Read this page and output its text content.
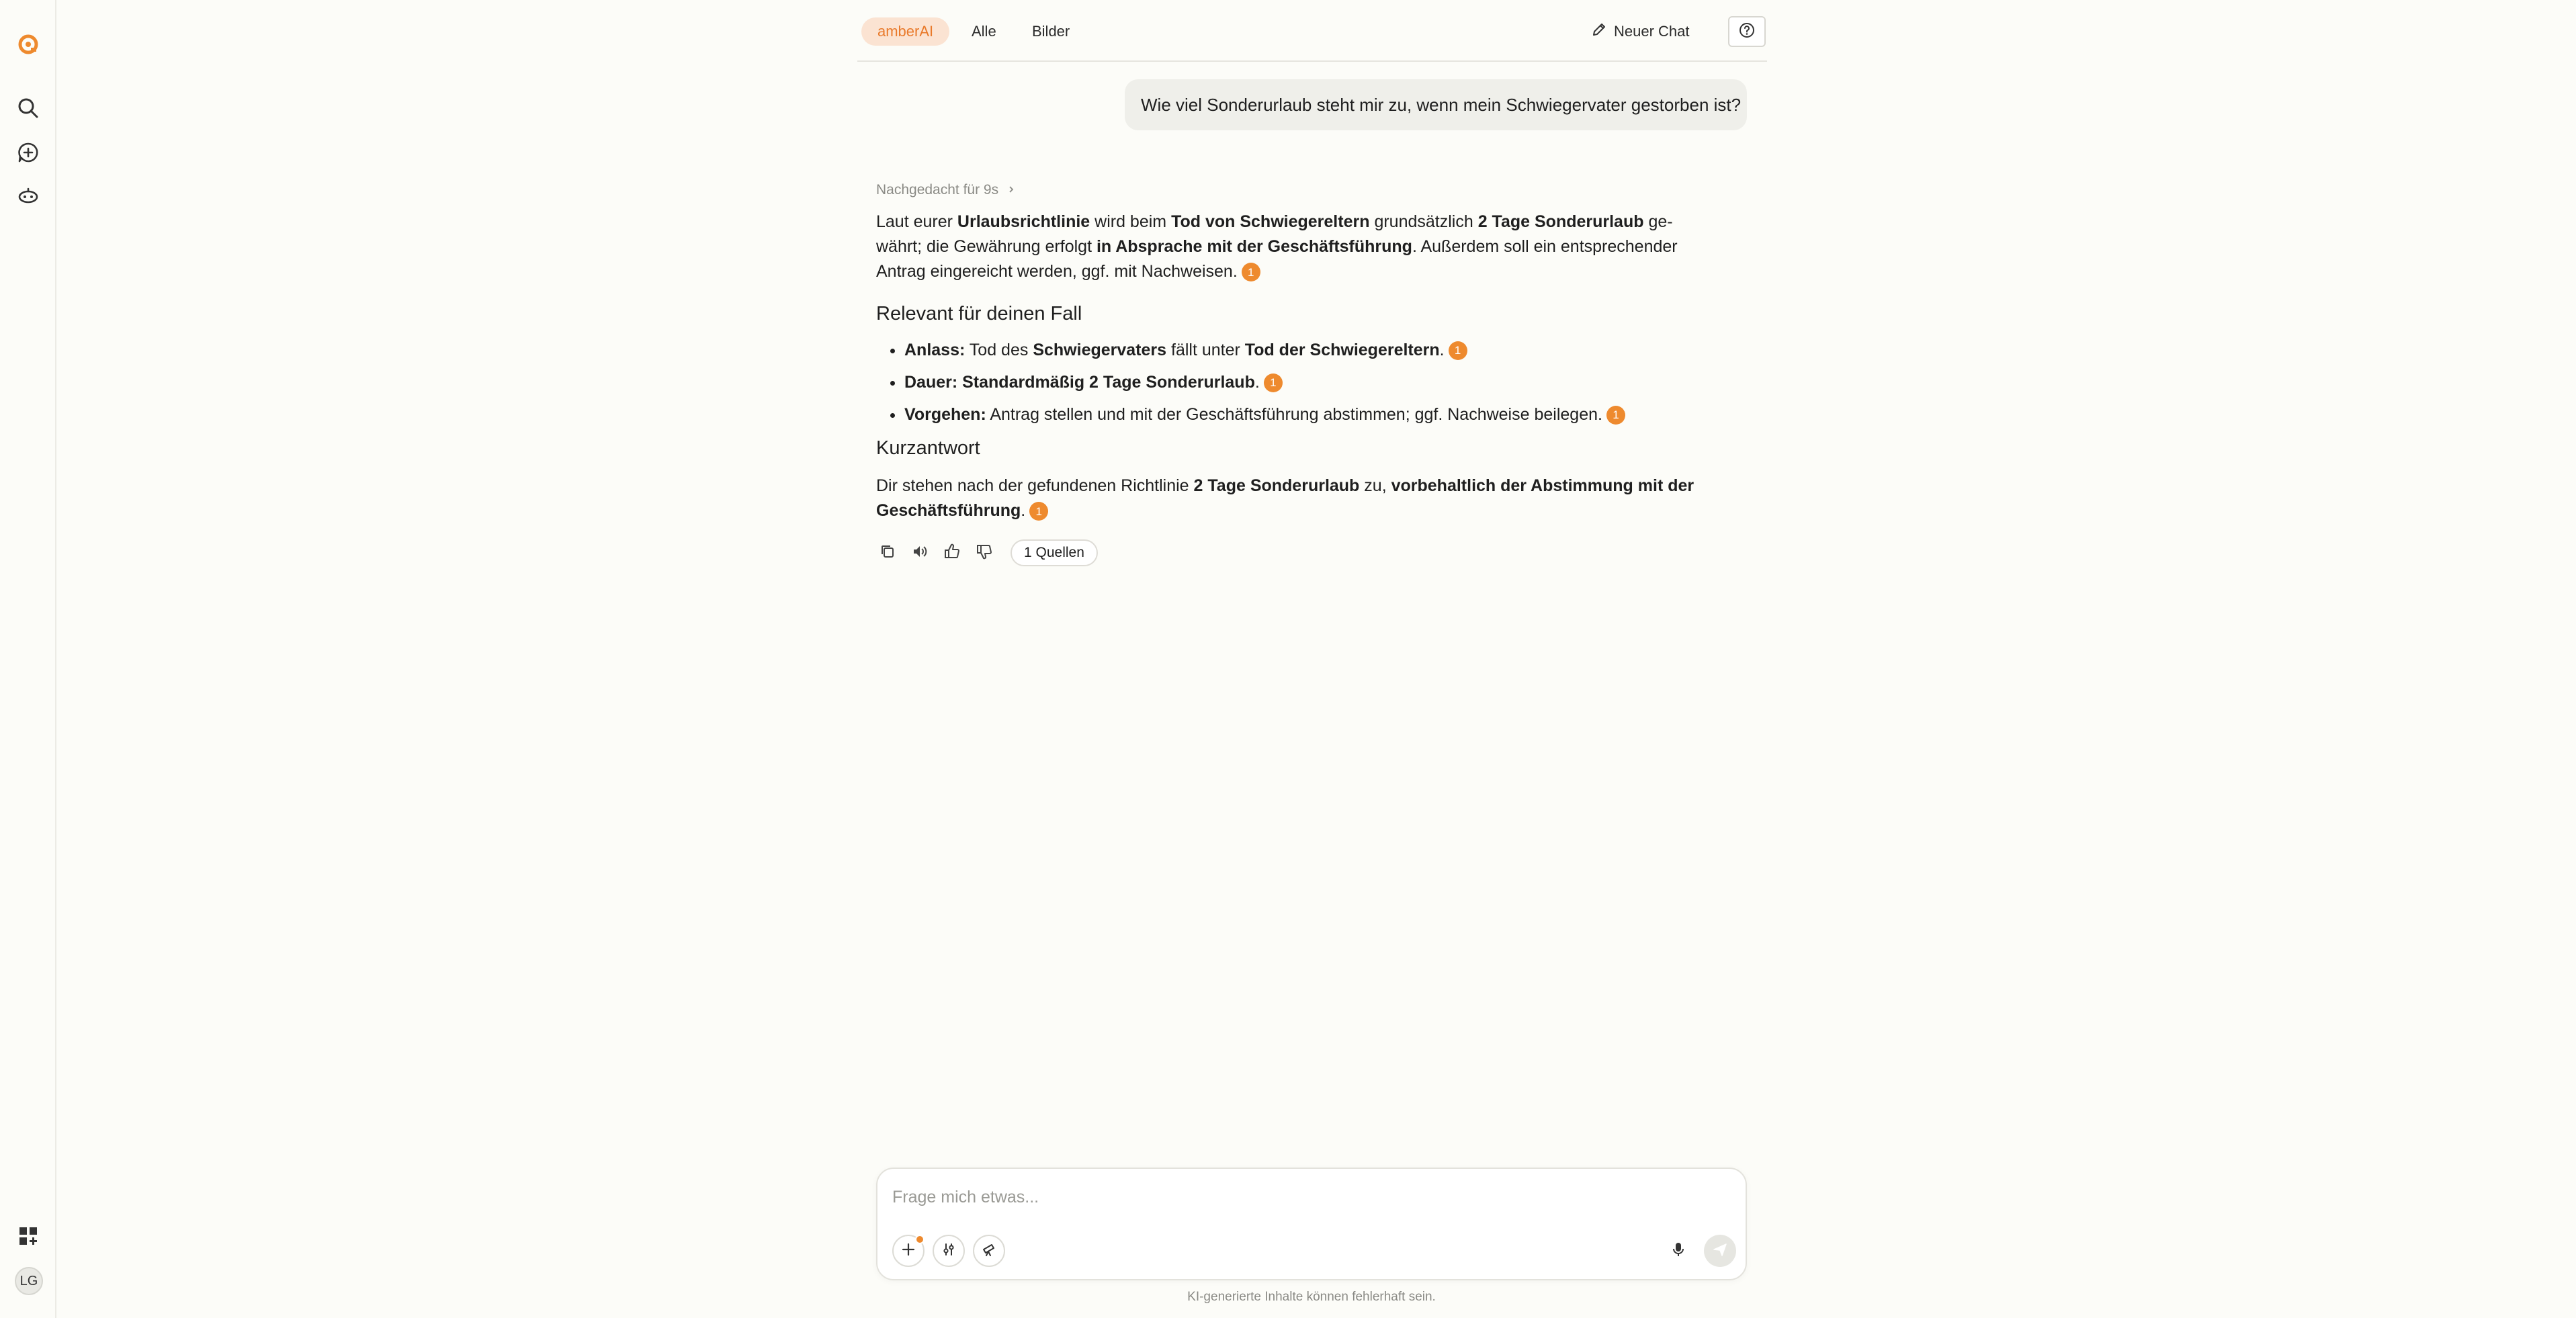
LG
amberAI	Alle	Bilder	Neuer Chat
Wie viel Sonderurlaub steht mir zu, wenn mein Schwiegervater gestorben ist?
Nachgedacht für 9s

Laut eurer Urlaubsrichtlinie wird beim Tod von Schwiegereltern grundsätzlich 2 Tage Sonderurlaub gewährt; die Gewährung erfolgt in Absprache mit der Geschäftsführung. Außerdem soll ein entsprechender Antrag eingereicht werden, ggf. mit Nachweisen. 1

Relevant für deinen Fall
• Anlass: Tod des Schwiegervaters fällt unter Tod der Schwiegereltern. 1
• Dauer: Standardmäßig 2 Tage Sonderurlaub. 1
• Vorgehen: Antrag stellen und mit der Geschäftsführung abstimmen; ggf. Nachweise beilegen. 1
Kurzantwort

Dir stehen nach der gefundenen Richtlinie 2 Tage Sonderurlaub zu, vorbehaltlich der Abstimmung mit der Geschäftsführung. 1

1 Quellen
Frage mich etwas...
KI-generierte Inhalte können fehlerhaft sein.
